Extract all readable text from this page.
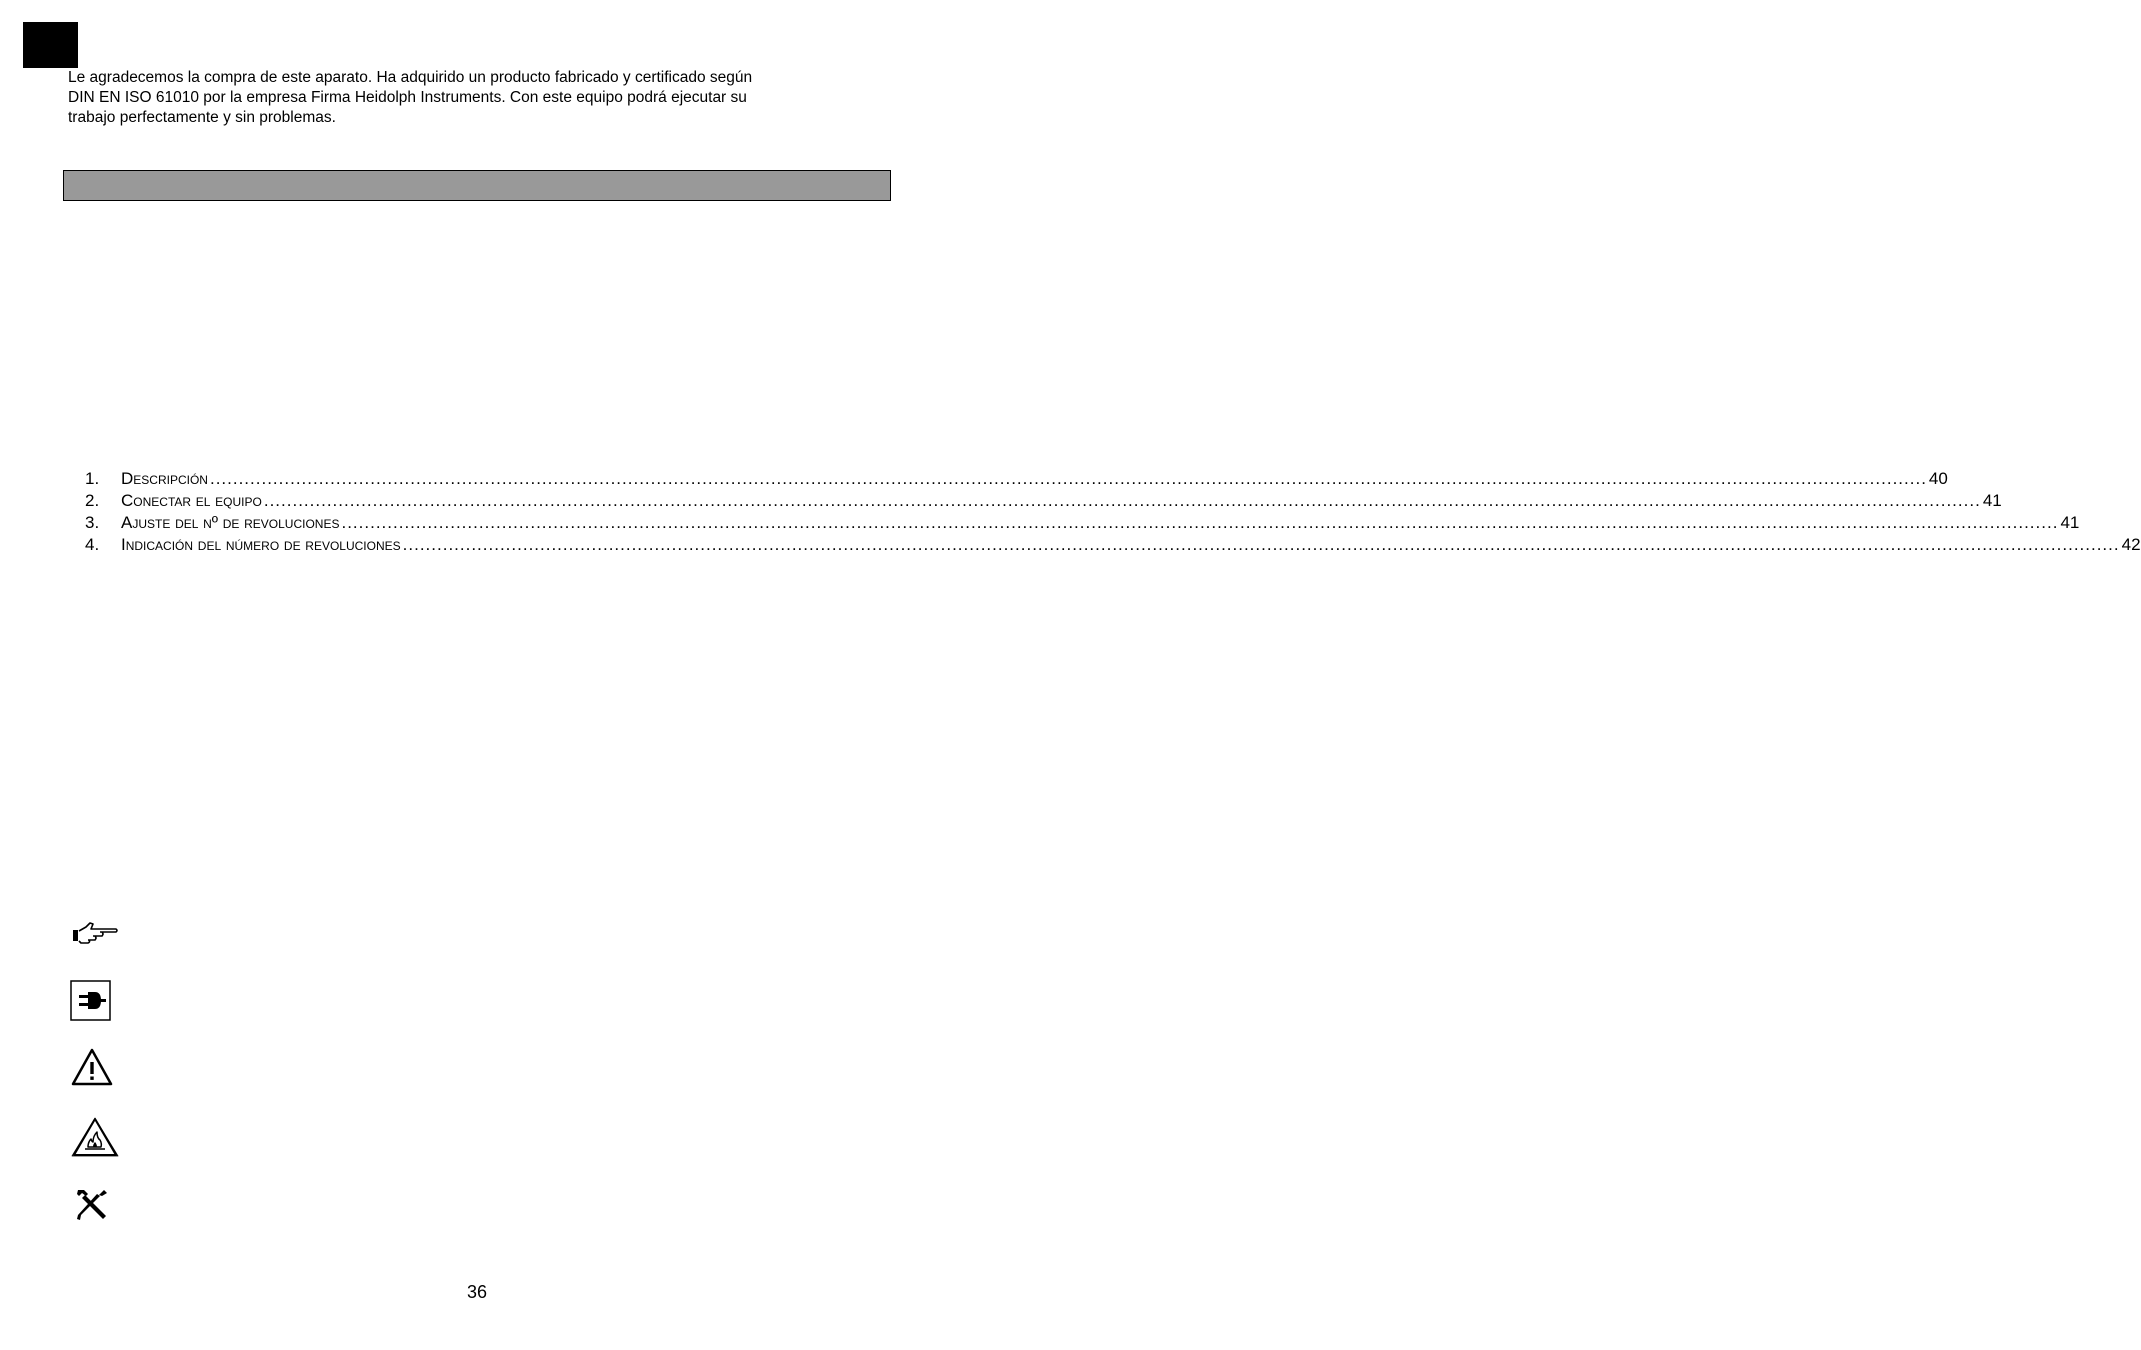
Le agradecemos la compra de este aparato. Ha adquirido un producto fabricado y certificado según

DIN EN ISO 61010 por la empresa Firma Heidolph Instruments. Con este equipo podrá ejecutar su

trabajo perfectamente y sin problemas.

1.	Descripción ............................................................................................................................................................................................................................................................................................................ 40
2.	Conectar el equipo ............................................................................................................................................................................................................................................................................................................ 41
3.	Ajuste del nº de revoluciones ............................................................................................................................................................................................................................................................................................................ 41
4.	Indicación del número de revoluciones ............................................................................................................................................................................................................................................................................................................ 42
36
